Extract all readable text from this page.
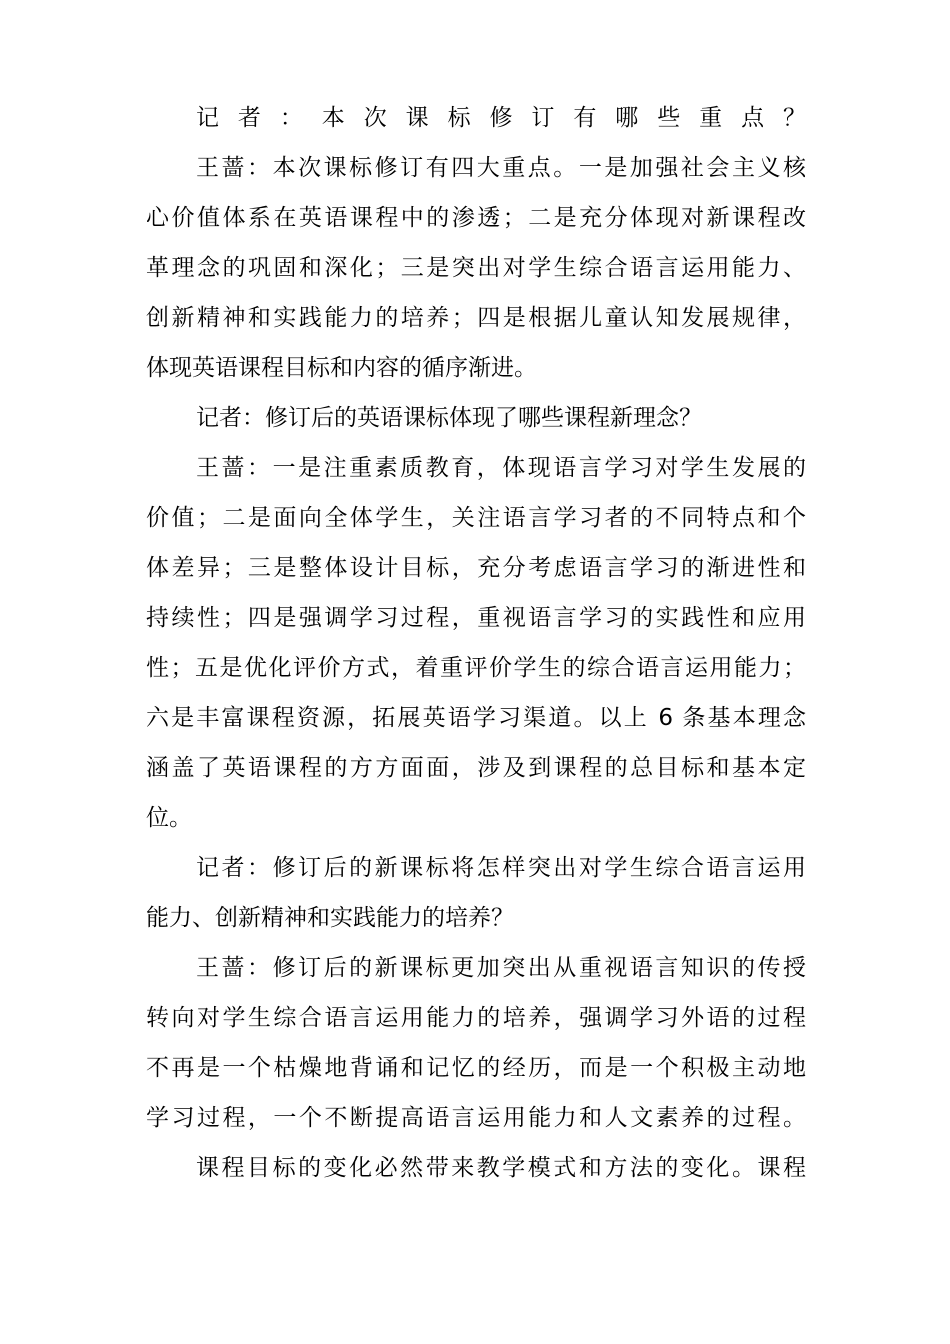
记者：本次课标修订有哪些重点？
王蔷：本次课标修订有四大重点。一是加强社会主义核
心价值体系在英语课程中的渗透；二是充分体现对新课程改
革理念的巩固和深化；三是突出对学生综合语言运用能力、
创新精神和实践能力的培养；四是根据儿童认知发展规律，
体现英语课程目标和内容的循序渐进。
记者：修订后的英语课标体现了哪些课程新理念？
王蔷：一是注重素质教育，体现语言学习对学生发展的
价值；二是面向全体学生，关注语言学习者的不同特点和个
体差异；三是整体设计目标，充分考虑语言学习的渐进性和
持续性；四是强调学习过程，重视语言学习的实践性和应用
性；五是优化评价方式，着重评价学生的综合语言运用能力；
六是丰富课程资源，拓展英语学习渠道。以上 6 条基本理念
涵盖了英语课程的方方面面，涉及到课程的总目标和基本定
位。
记者：修订后的新课标将怎样突出对学生综合语言运用
能力、创新精神和实践能力的培养？
王蔷：修订后的新课标更加突出从重视语言知识的传授
转向对学生综合语言运用能力的培养，强调学习外语的过程
不再是一个枯燥地背诵和记忆的经历，而是一个积极主动地
学习过程，一个不断提高语言运用能力和人文素养的过程。
课程目标的变化必然带来教学模式和方法的变化。课程
